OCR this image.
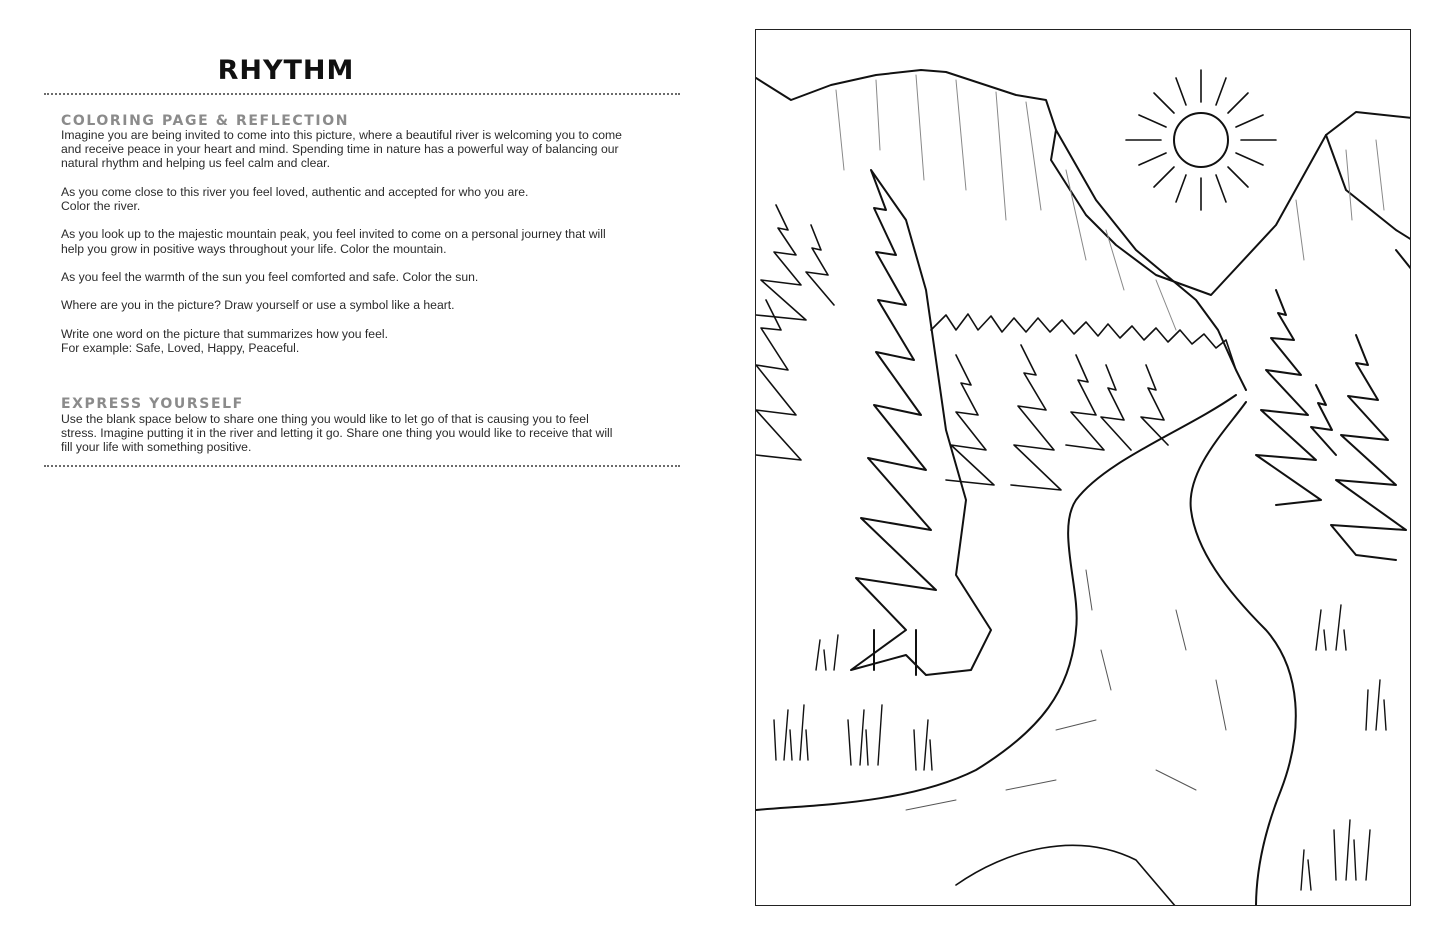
RHYTHM
COLORING PAGE & REFLECTION

Imagine you are being invited to come into this picture, where a beautiful river is welcoming you to come
and receive peace in your heart and mind. Spending time in nature has a powerful way of balancing our
natural rhythm and helping us feel calm and clear.

As you come close to this river you feel loved, authentic and accepted for who you are.
Color the river.

As you look up to the majestic mountain peak, you feel invited to come on a personal journey that will
help you grow in positive ways throughout your life. Color the mountain.

As you feel the warmth of the sun you feel comforted and safe. Color the sun.

Where are you in the picture? Draw yourself or use a symbol like a heart.

Write one word on the picture that summarizes how you feel.
For example: Safe, Loved, Happy, Peaceful.

EXPRESS YOURSELF

Use the blank space below to share one thing you would like to let go of that is causing you to feel
stress. Imagine putting it in the river and letting it go. Share one thing you would like to receive that will
fill your life with something positive.
